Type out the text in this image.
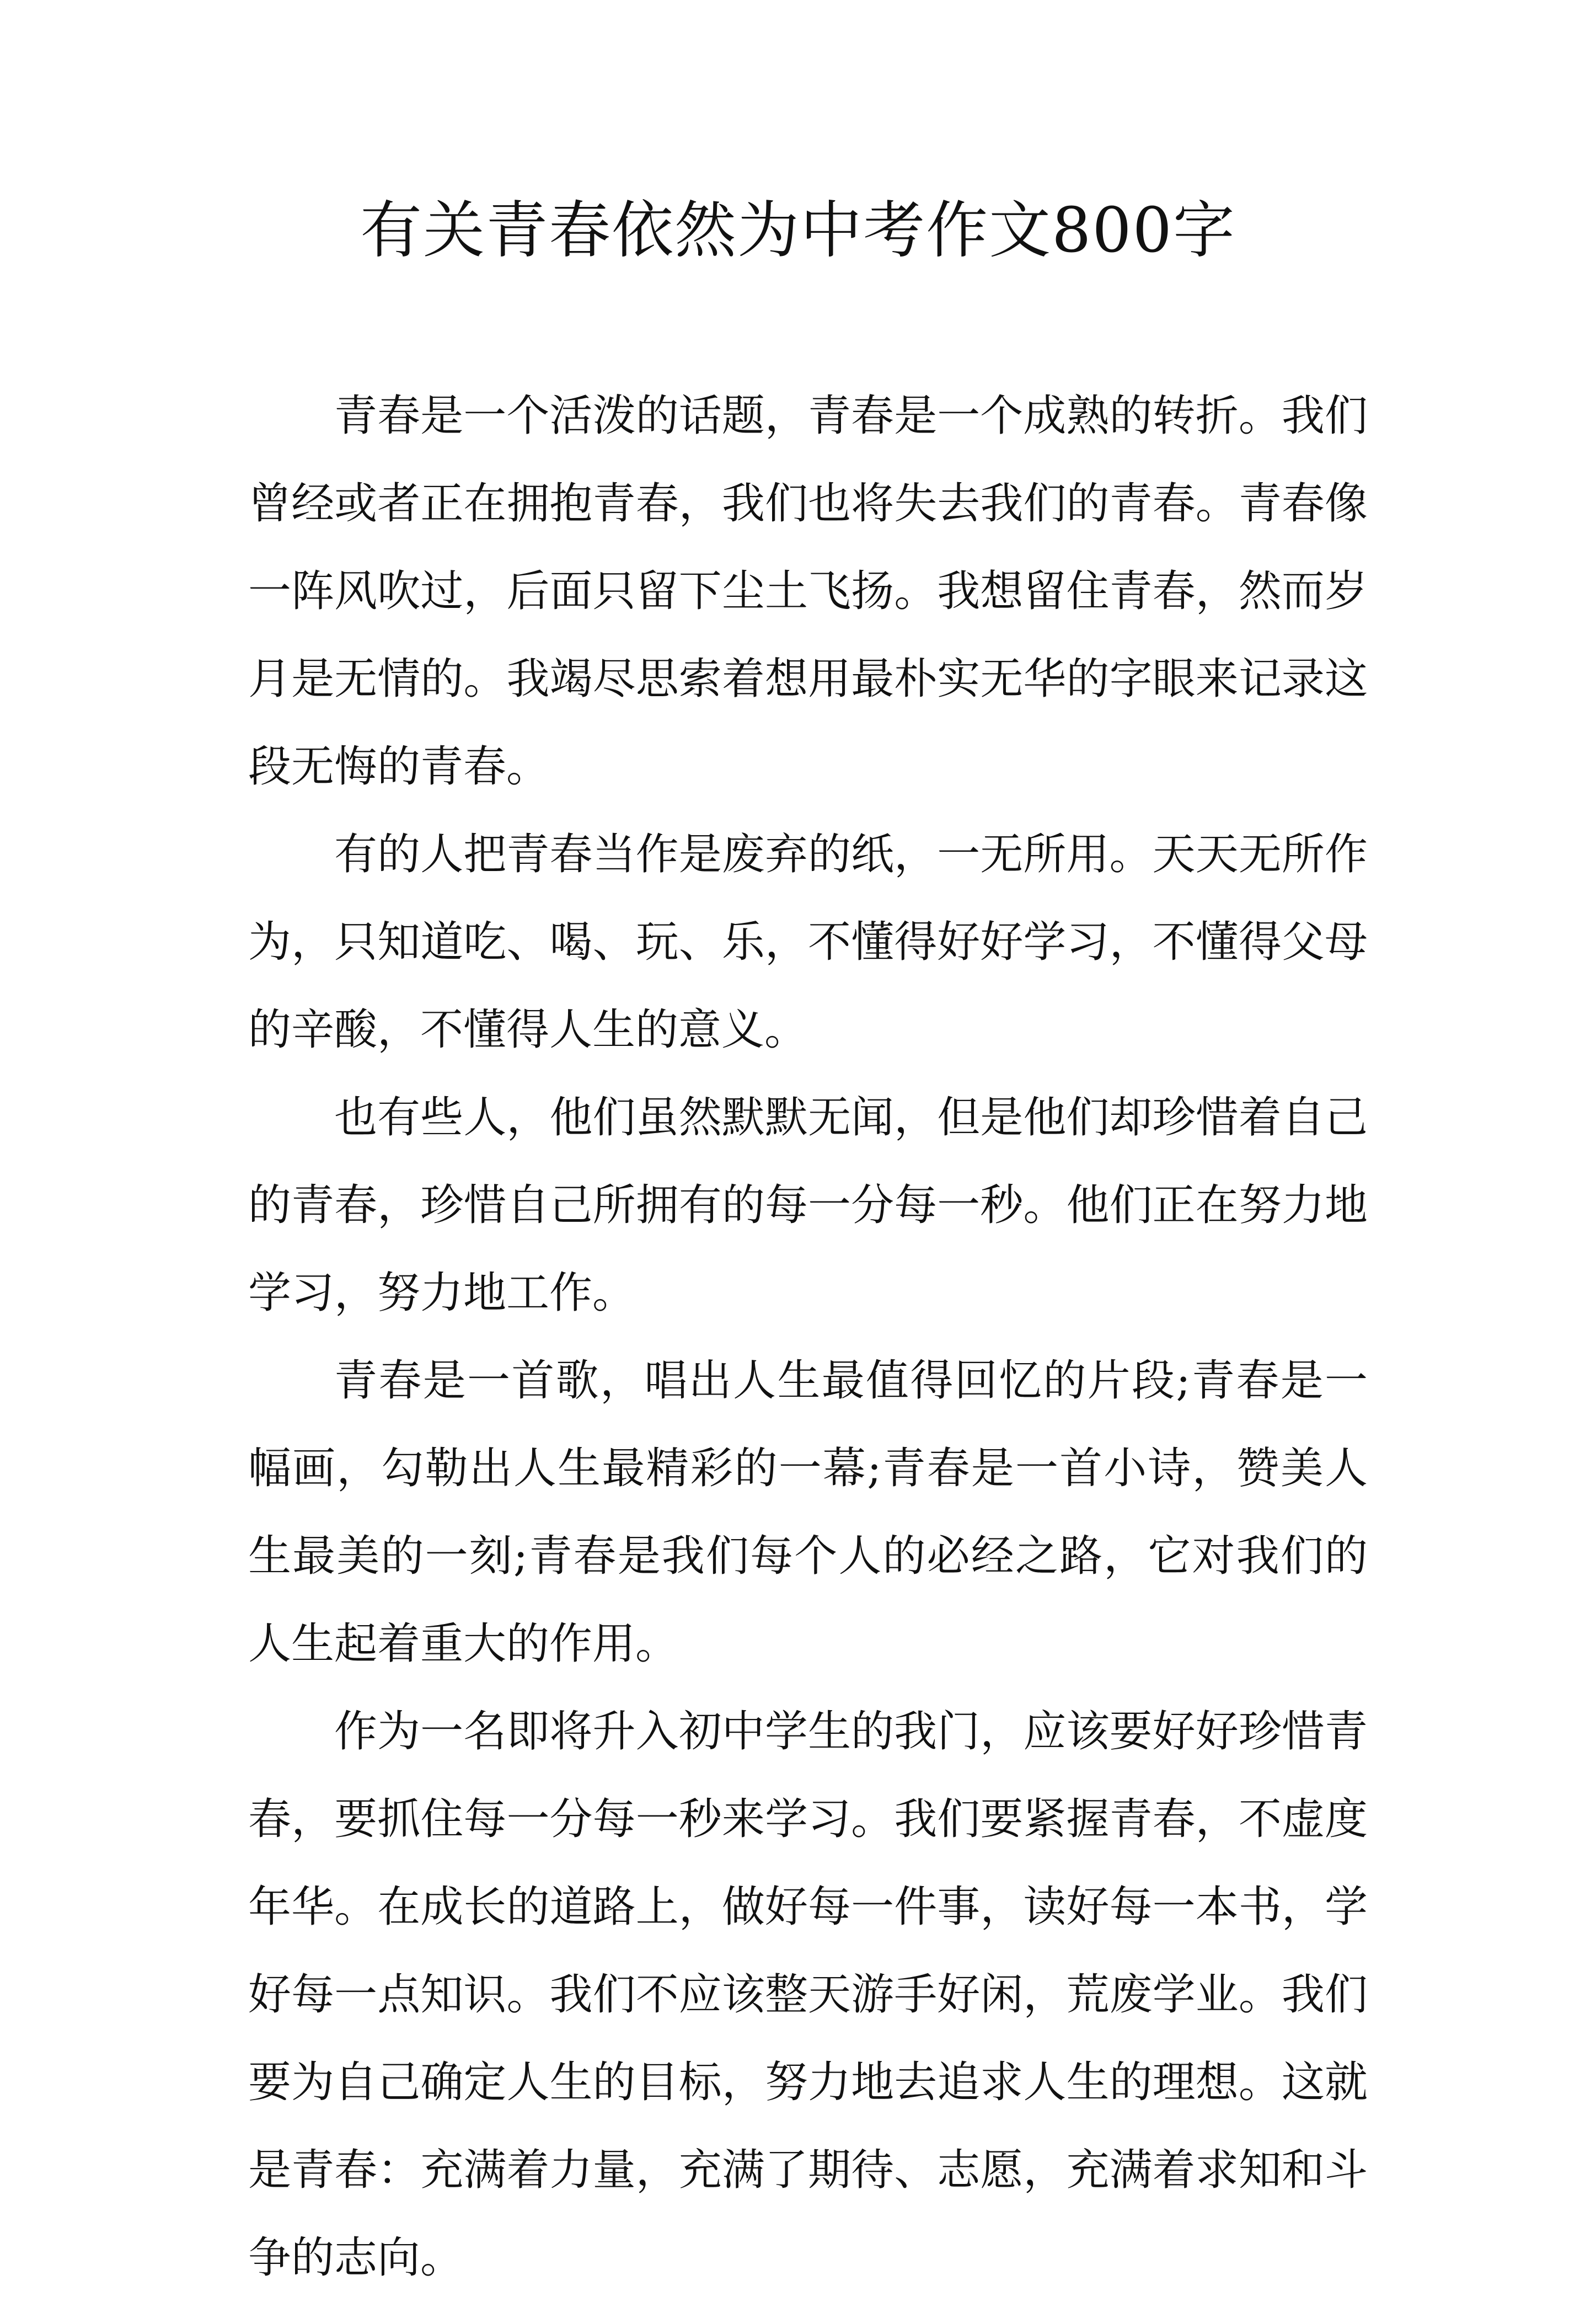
有关青春依然为中考作文800字

青春是一个活泼的话题，青春是一个成熟的转折。我们曾经或者正在拥抱青春，我们也将失去我们的青春。青春像一阵风吹过，后面只留下尘土飞扬。我想留住青春，然而岁月是无情的。我竭尽思索着想用最朴实无华的字眼来记录这段无悔的青春。

有的人把青春当作是废弃的纸，一无所用。天天无所作为，只知道吃、喝、玩、乐，不懂得好好学习，不懂得父母的辛酸，不懂得人生的意义。

也有些人，他们虽然默默无闻，但是他们却珍惜着自己的青春，珍惜自己所拥有的每一分每一秒。他们正在努力地学习，努力地工作。

青春是一首歌，唱出人生最值得回忆的片段;青春是一幅画，勾勒出人生最精彩的一幕;青春是一首小诗，赞美人生最美的一刻;青春是我们每个人的必经之路，它对我们的人生起着重大的作用。

作为一名即将升入初中学生的我门，应该要好好珍惜青春，要抓住每一分每一秒来学习。我们要紧握青春，不虚度年华。在成长的道路上，做好每一件事，读好每一本书，学好每一点知识。我们不应该整天游手好闲，荒废学业。我们要为自己确定人生的目标，努力地去追求人生的理想。这就是青春：充满着力量，充满了期待、志愿，充满着求知和斗争的志向。
